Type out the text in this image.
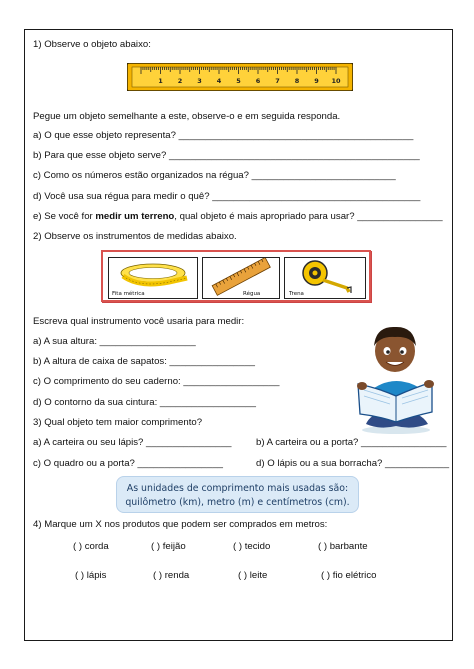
1) Observe o objeto abaixo:
1 2 3 4 5 6 7 8 9 10
Pegue um objeto semelhante a este, observe-o e em seguida responda.
a) O que esse objeto representa? ____________________________________________
b) Para que esse objeto serve? _______________________________________________
c) Como os números estão organizados na régua? ___________________________
d) Você usa sua régua para medir o quê? _______________________________________
e) Se você for medir um terreno, qual objeto é mais apropriado para usar? ________________
2) Observe os instrumentos de medidas abaixo.
Fita métrica	Régua	Trena
Escreva qual instrumento você usaria para medir:
a) A sua altura: __________________
b) A altura de caixa de sapatos: ________________
c) O comprimento do seu caderno: __________________
d) O contorno da sua cintura: __________________
3) Qual objeto tem maior comprimento?
a) A carteira ou seu lápis? ________________	b) A carteira ou a porta? ________________
c) O quadro ou a porta? ________________	d) O lápis ou a sua borracha? ____________
As unidades de comprimento mais usadas são:
quilômetro (km), metro (m) e centímetros (cm).
4) Marque um X nos produtos que podem ser comprados em metros:
( ) corda	( ) feijão	( ) tecido	( ) barbante
( ) lápis	( ) renda	( ) leite	( ) fio elétrico
